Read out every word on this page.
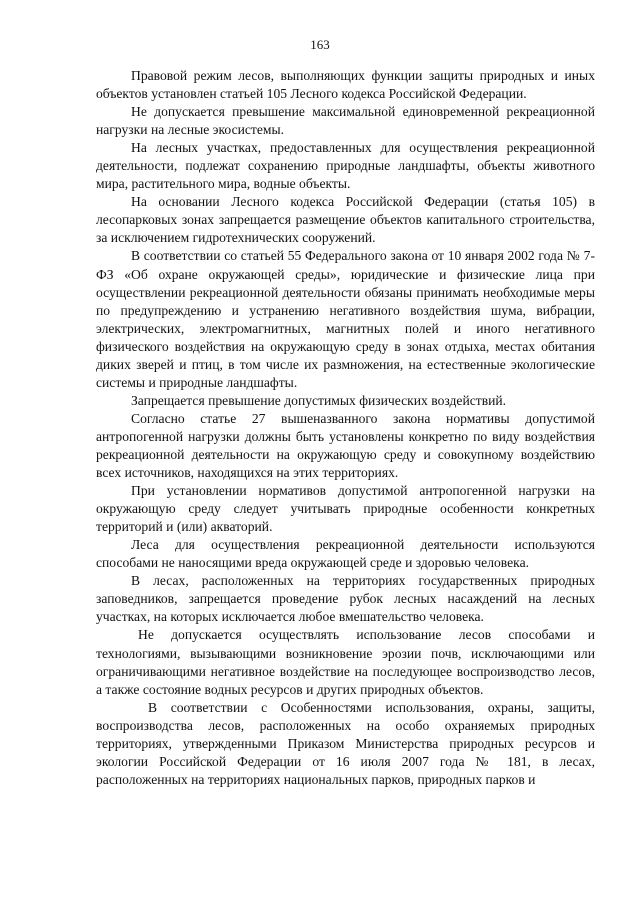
163

Правовой режим лесов, выполняющих функции защиты природных и иных объектов установлен статьей 105 Лесного кодекса Российской Федерации.

Не допускается превышение максимальной единовременной рекреационной нагрузки на лесные экосистемы.

На лесных участках, предоставленных для осуществления рекреационной деятельности, подлежат сохранению природные ландшафты, объекты животного мира, растительного мира, водные объекты.

На основании Лесного кодекса Российской Федерации (статья 105) в лесопарковых зонах запрещается размещение объектов капитального строительства, за исключением гидротехнических сооружений.

В соответствии со статьей 55 Федерального закона от 10 января 2002 года № 7-ФЗ «Об охране окружающей среды», юридические и физические лица при осуществлении рекреационной деятельности обязаны принимать необходимые меры по предупреждению и устранению негативного воздействия шума, вибрации, электрических, электромагнитных, магнитных полей и иного негативного физического воздействия на окружающую среду в зонах отдыха, местах обитания диких зверей и птиц, в том числе их размножения, на естественные экологические системы и природные ландшафты.

Запрещается превышение допустимых физических воздействий.

Согласно статье 27 вышеназванного закона нормативы допустимой антропогенной нагрузки должны быть установлены конкретно по виду воздействия рекреационной деятельности на окружающую среду и совокупному воздействию всех источников, находящихся на этих территориях.

При установлении нормативов допустимой антропогенной нагрузки на окружающую среду следует учитывать природные особенности конкретных территорий и (или) акваторий.

Леса для осуществления рекреационной деятельности используются способами не наносящими вреда окружающей среде и здоровью человека.

В лесах, расположенных на территориях государственных природных заповедников, запрещается проведение рубок лесных насаждений на лесных участках, на которых исключается любое вмешательство человека.

Не допускается осуществлять использование лесов способами и технологиями, вызывающими возникновение эрозии почв, исключающими или ограничивающими негативное воздействие на последующее воспроизводство лесов, а также состояние водных ресурсов и других природных объектов.

В соответствии с Особенностями использования, охраны, защиты, воспроизводства лесов, расположенных на особо охраняемых природных территориях, утвержденными Приказом Министерства природных ресурсов и экологии Российской Федерации от 16 июля 2007 года № 181, в лесах, расположенных на территориях национальных парков, природных парков и
